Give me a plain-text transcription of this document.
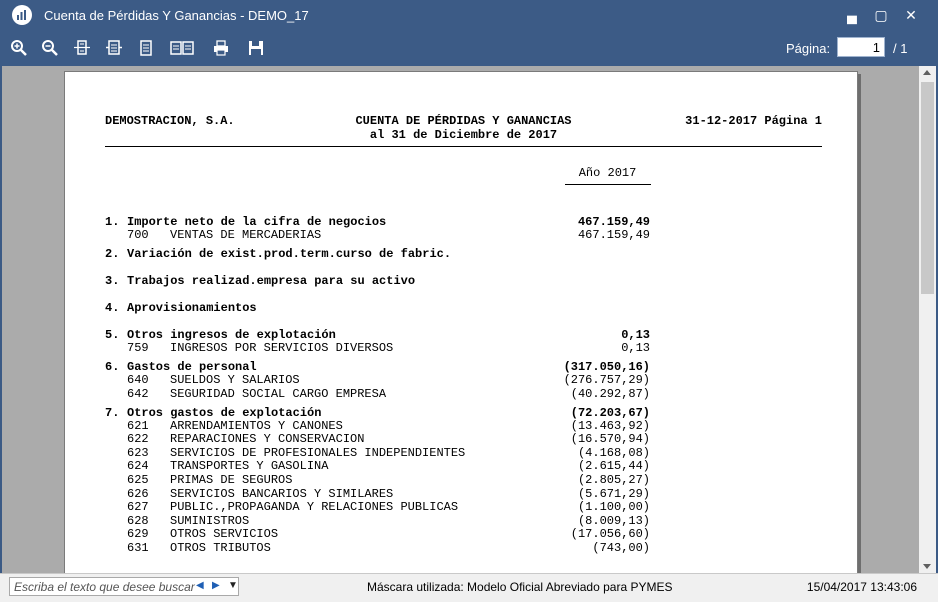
Cuenta de Pérdidas Y Ganancias - DEMO_17	▄	▢	✕
Página:
1	/ 1
DEMOSTRACION, S.A.	CUENTA DE PÉRDIDAS Y GANANCIAS
al 31 de Diciembre de 2017
31-12-2017 Página 1
Año 2017
1. Importe neto de la cifra de negocios	467.159,49
700 VENTAS DE MERCADERIAS	467.159,49
2. Variación de exist.prod.term.curso de fabric.
3. Trabajos realizad.empresa para su activo
4. Aprovisionamientos
5. Otros ingresos de explotación	0,13
759 INGRESOS POR SERVICIOS DIVERSOS	0,13
6. Gastos de personal	(317.050,16)
640 SUELDOS Y SALARIOS	(276.757,29)
642 SEGURIDAD SOCIAL CARGO EMPRESA	(40.292,87)
7. Otros gastos de explotación	(72.203,67)
621 ARRENDAMIENTOS Y CANONES	(13.463,92)
622 REPARACIONES Y CONSERVACION	(16.570,94)
623 SERVICIOS DE PROFESIONALES INDEPENDIENTES	(4.168,08)
624 TRANSPORTES Y GASOLINA	(2.615,44)
625 PRIMAS DE SEGUROS	(2.805,27)
626 SERVICIOS BANCARIOS Y SIMILARES	(5.671,29)
627 PUBLIC.,PROPAGANDA Y RELACIONES PUBLICAS	(1.100,00)
628 SUMINISTROS	(8.009,13)
629 OTROS SERVICIOS	(17.056,60)
631 OTROS TRIBUTOS	(743,00)
Escriba el texto que desee buscar
◀ ▶ ▼	Máscara utilizada: Modelo Oficial Abreviado para PYMES	15/04/2017 13:43:06
